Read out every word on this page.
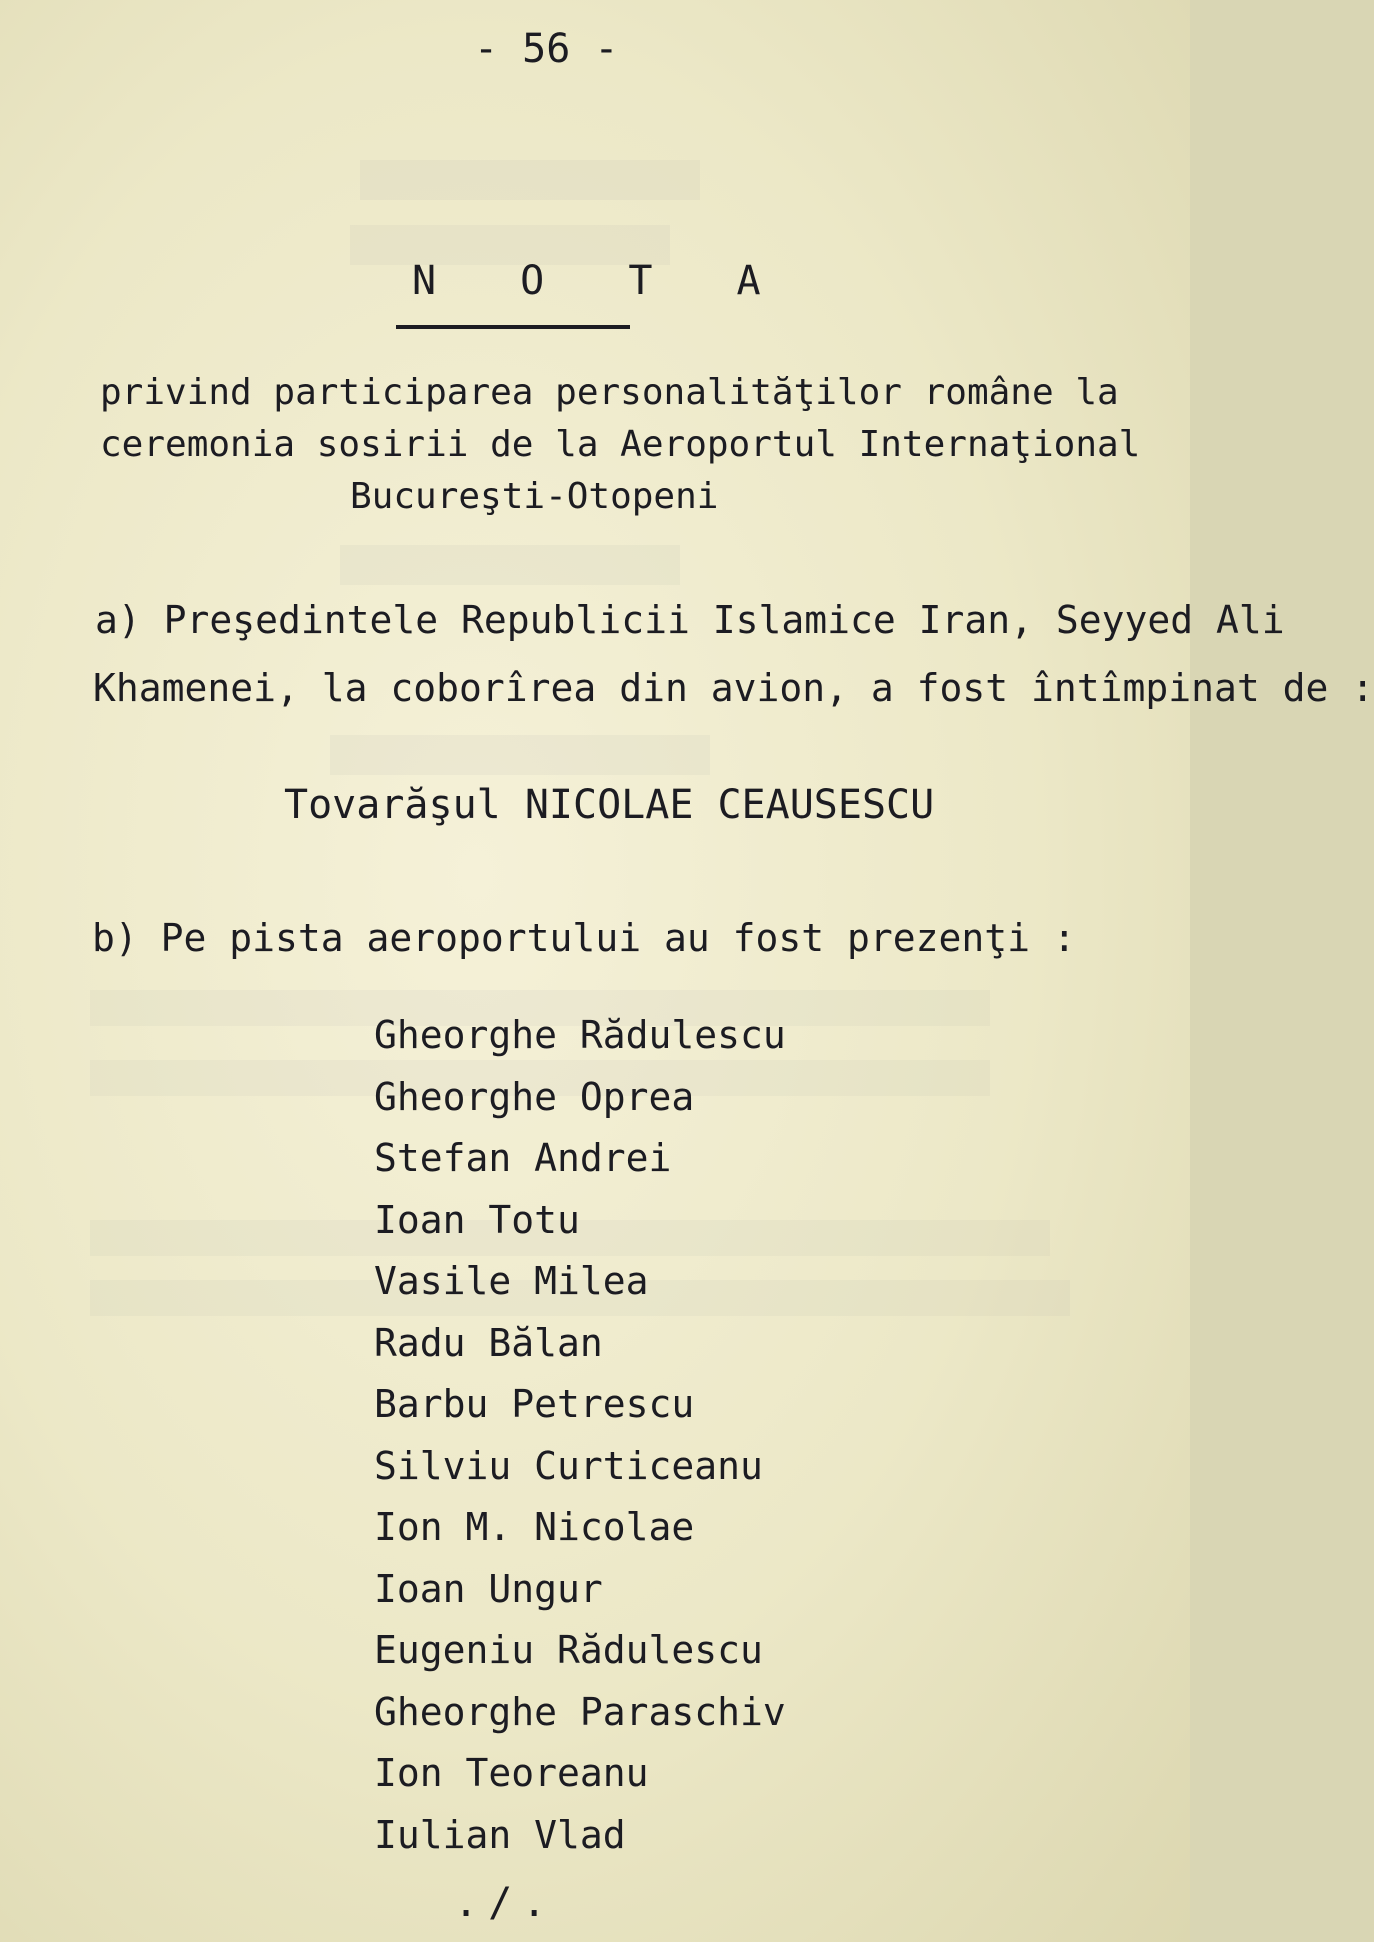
- 56 -
N O T A
privind participarea personalităţilor române la
ceremonia sosirii de la Aeroportul Internaţional
Bucureşti-Otopeni
a) Preşedintele Republicii Islamice Iran, Seyyed Ali
Khamenei, la coborîrea din avion, a fost întîmpinat de :
Tovarăşul NICOLAE CEAUSESCU
b) Pe pista aeroportului au fost prezenţi :
Gheorghe Rădulescu
Gheorghe Oprea
Stefan Andrei
Ioan Totu
Vasile Milea
Radu Bălan
Barbu Petrescu
Silviu Curticeanu
Ion M. Nicolae
Ioan Ungur
Eugeniu Rădulescu
Gheorghe Paraschiv
Ion Teoreanu
Iulian Vlad
./.
